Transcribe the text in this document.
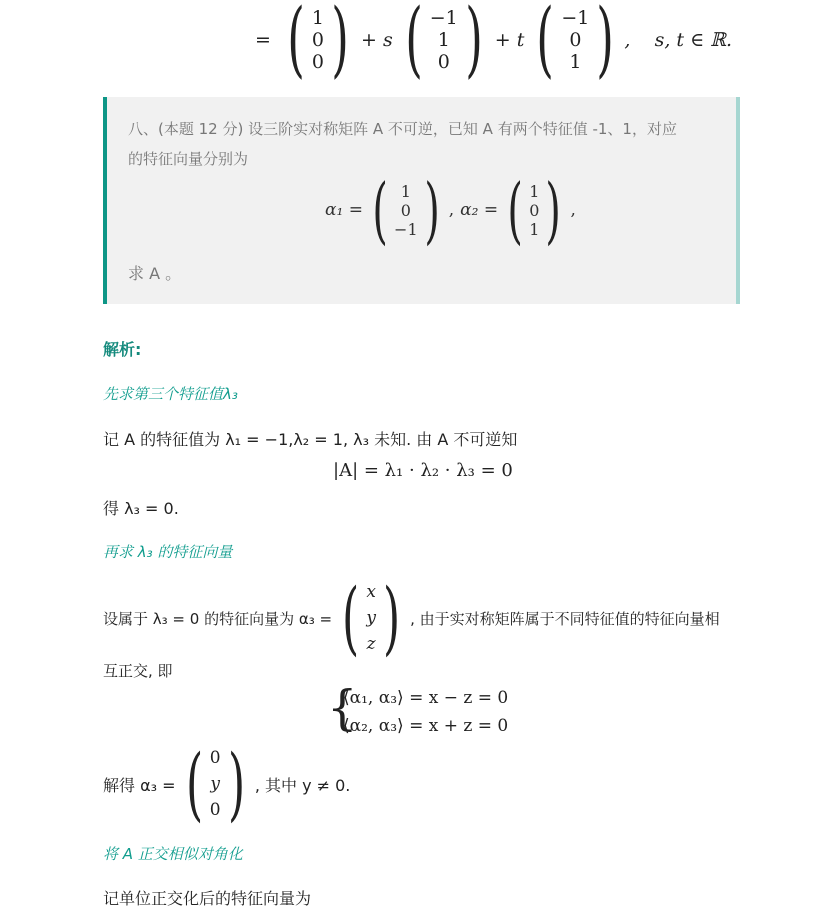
= ( 1
0
0 ) + s ( −1
1
0 ) + t ( −1
0
1 ) ,    s, t ∈ ℝ.
八、(本题 12 分) 设三阶实对称矩阵 A 不可逆，已知 A 有两个特征值 -1、1，对应
的特征向量分别为
α₁ = ( 1
0
−1 ) , α₂ = ( 1
0
1 ) ,
求 A 。
解析:
先求第三个特征值λ₃
记 A 的特征值为 λ₁ = −1,λ₂ = 1, λ₃ 未知. 由 A 不可逆知
|A| = λ₁ · λ₂ · λ₃ = 0
得 λ₃ = 0.
再求 λ₃ 的特征向量
设属于 λ₃ = 0 的特征向量为 α₃ = ( x
y
z ) , 由于实对称矩阵属于不同特征值的特征向量相
互正交, 即
{
⟨α₁, α₃⟩ = x − z = 0
⟨α₂, α₃⟩ = x + z = 0
解得 α₃ = ( 0
y
0 ) , 其中 y ≠ 0.
将 A 正交相似对角化
记单位正交化后的特征向量为
